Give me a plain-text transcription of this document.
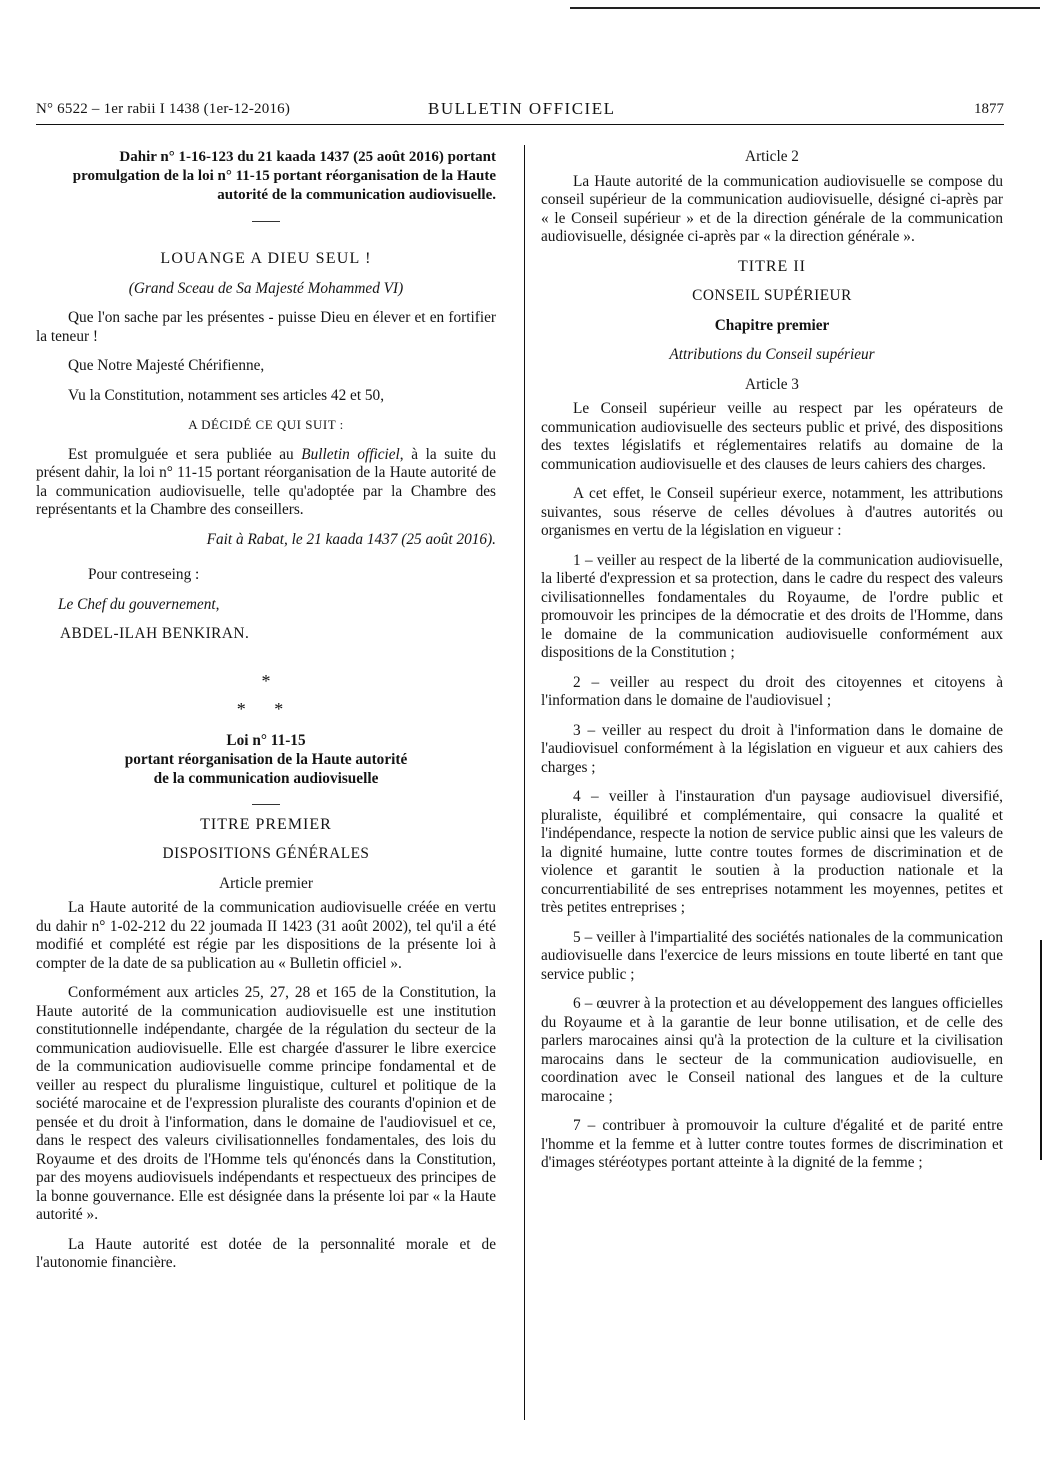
N° 6522 – 1er rabii I 1438 (1er-12-2016)	BULLETIN OFFICIEL	1877

Dahir n° 1-16-123 du 21 kaada 1437 (25 août 2016) portant promulgation de la loi n° 11-15 portant réorganisation de la Haute autorité de la communication audiovisuelle.

LOUANGE A DIEU SEUL !

(Grand Sceau de Sa Majesté Mohammed VI)

Que l'on sache par les présentes - puisse Dieu en élever et en fortifier la teneur !

Que Notre Majesté Chérifienne,

Vu la Constitution, notamment ses articles 42 et 50,

A DÉCIDÉ CE QUI SUIT :

Est promulguée et sera publiée au Bulletin officiel, à la suite du présent dahir, la loi n° 11-15 portant réorganisation de la Haute autorité de la communication audiovisuelle, telle qu'adoptée par la Chambre des représentants et la Chambre des conseillers.

Fait à Rabat, le 21 kaada 1437 (25 août 2016).

Pour contreseing :

Le Chef du gouvernement,

ABDEL-ILAH BENKIRAN.

*

* *

Loi n° 11-15

portant réorganisation de la Haute autorité

de la communication audiovisuelle

TITRE PREMIER

DISPOSITIONS GÉNÉRALES

Article premier

La Haute autorité de la communication audiovisuelle créée en vertu du dahir n° 1-02-212 du 22 joumada II 1423 (31 août 2002), tel qu'il a été modifié et complété est régie par les dispositions de la présente loi à compter de la date de sa publication au « Bulletin officiel ».

Conformément aux articles 25, 27, 28 et 165 de la Constitution, la Haute autorité de la communication audiovisuelle est une institution constitutionnelle indépendante, chargée de la régulation du secteur de la communication audiovisuelle. Elle est chargée d'assurer le libre exercice de la communication audiovisuelle comme principe fondamental et de veiller au respect du pluralisme linguistique, culturel et politique de la société marocaine et de l'expression pluraliste des courants d'opinion et de pensée et du droit à l'information, dans le domaine de l'audiovisuel et ce, dans le respect des valeurs civilisationnelles fondamentales, des lois du Royaume et des droits de l'Homme tels qu'énoncés dans la Constitution, par des moyens audiovisuels indépendants et respectueux des principes de la bonne gouvernance. Elle est désignée dans la présente loi par « la Haute autorité ».

La Haute autorité est dotée de la personnalité morale et de l'autonomie financière.

Article 2

La Haute autorité de la communication audiovisuelle se compose du conseil supérieur de la communication audiovisuelle, désigné ci-après par « le Conseil supérieur » et de la direction générale de la communication audiovisuelle, désignée ci-après par « la direction générale ».

TITRE II

CONSEIL SUPÉRIEUR

Chapitre premier

Attributions du Conseil supérieur

Article 3

Le Conseil supérieur veille au respect par les opérateurs de communication audiovisuelle des secteurs public et privé, des dispositions des textes législatifs et réglementaires relatifs au domaine de la communication audiovisuelle et des clauses de leurs cahiers des charges.

A cet effet, le Conseil supérieur exerce, notamment, les attributions suivantes, sous réserve de celles dévolues à d'autres autorités ou organismes en vertu de la législation en vigueur :

1 – veiller au respect de la liberté de la communication audiovisuelle, la liberté d'expression et sa protection, dans le cadre du respect des valeurs civilisationnelles fondamentales du Royaume, de l'ordre public et promouvoir les principes de la démocratie et des droits de l'Homme, dans le domaine de la communication audiovisuelle conformément aux dispositions de la Constitution ;

2 – veiller au respect du droit des citoyennes et citoyens à l'information dans le domaine de l'audiovisuel ;

3 – veiller au respect du droit à l'information dans le domaine de l'audiovisuel conformément à la législation en vigueur et aux cahiers des charges ;

4 – veiller à l'instauration d'un paysage audiovisuel diversifié, pluraliste, équilibré et complémentaire, qui consacre la qualité et l'indépendance, respecte la notion de service public ainsi que les valeurs de la dignité humaine, lutte contre toutes formes de discrimination et de violence et garantit le soutien à la production nationale et la concurrentiabilité de ses entreprises notamment les moyennes, petites et très petites entreprises ;

5 – veiller à l'impartialité des sociétés nationales de la communication audiovisuelle dans l'exercice de leurs missions en toute liberté en tant que service public ;

6 – œuvrer à la protection et au développement des langues officielles du Royaume et à la garantie de leur bonne utilisation, et de celle des parlers marocaines ainsi qu'à la protection de la culture et la civilisation marocains dans le secteur de la communication audiovisuelle, en coordination avec le Conseil national des langues et de la culture marocaine ;

7 – contribuer à promouvoir la culture d'égalité et de parité entre l'homme et la femme et à lutter contre toutes formes de discrimination et d'images stéréotypes portant atteinte à la dignité de la femme ;
